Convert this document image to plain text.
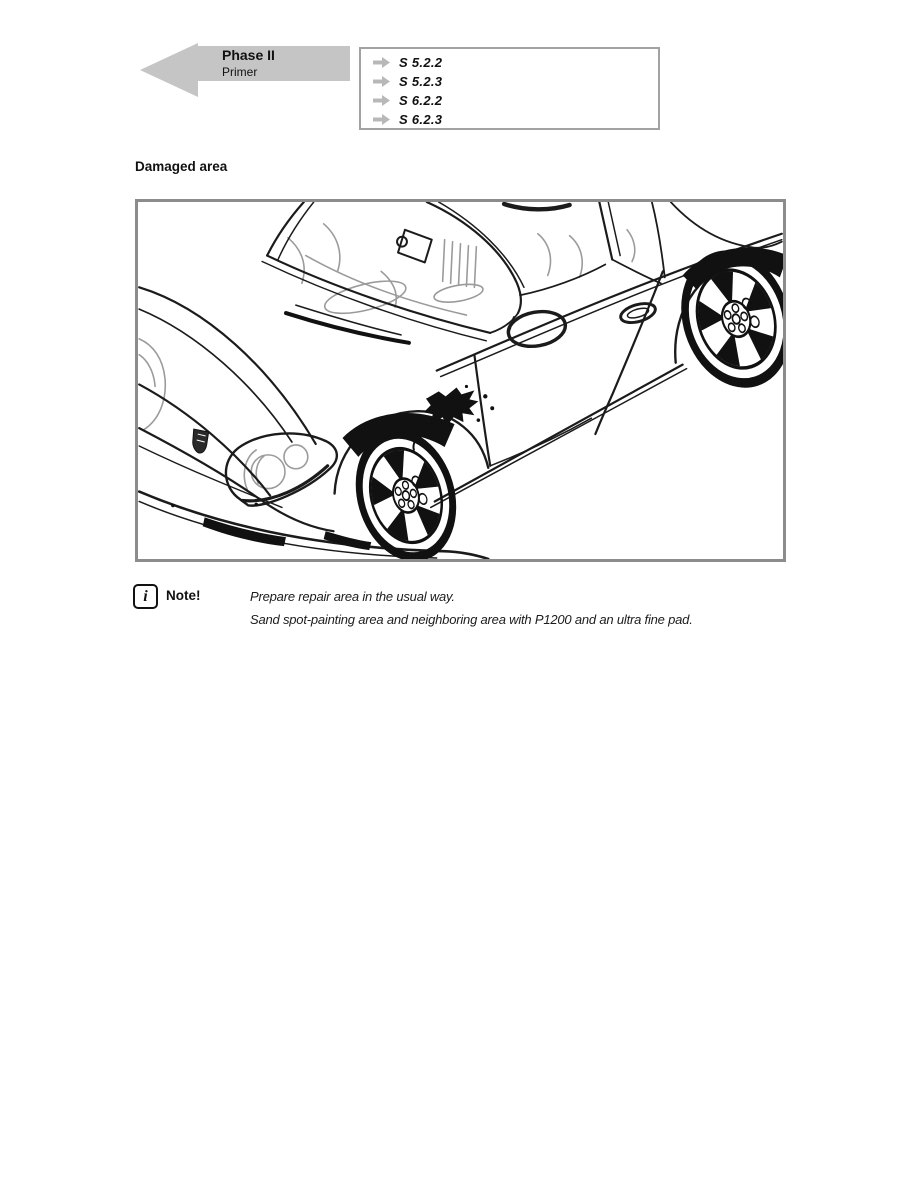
Phase II
Primer
S 5.2.2
S 5.2.3
S 6.2.2
S 6.2.3
Damaged area
i Note!	Prepare repair area in the usual way.
Sand spot-painting area and neighboring area with P1200 and an ultra fine pad.
